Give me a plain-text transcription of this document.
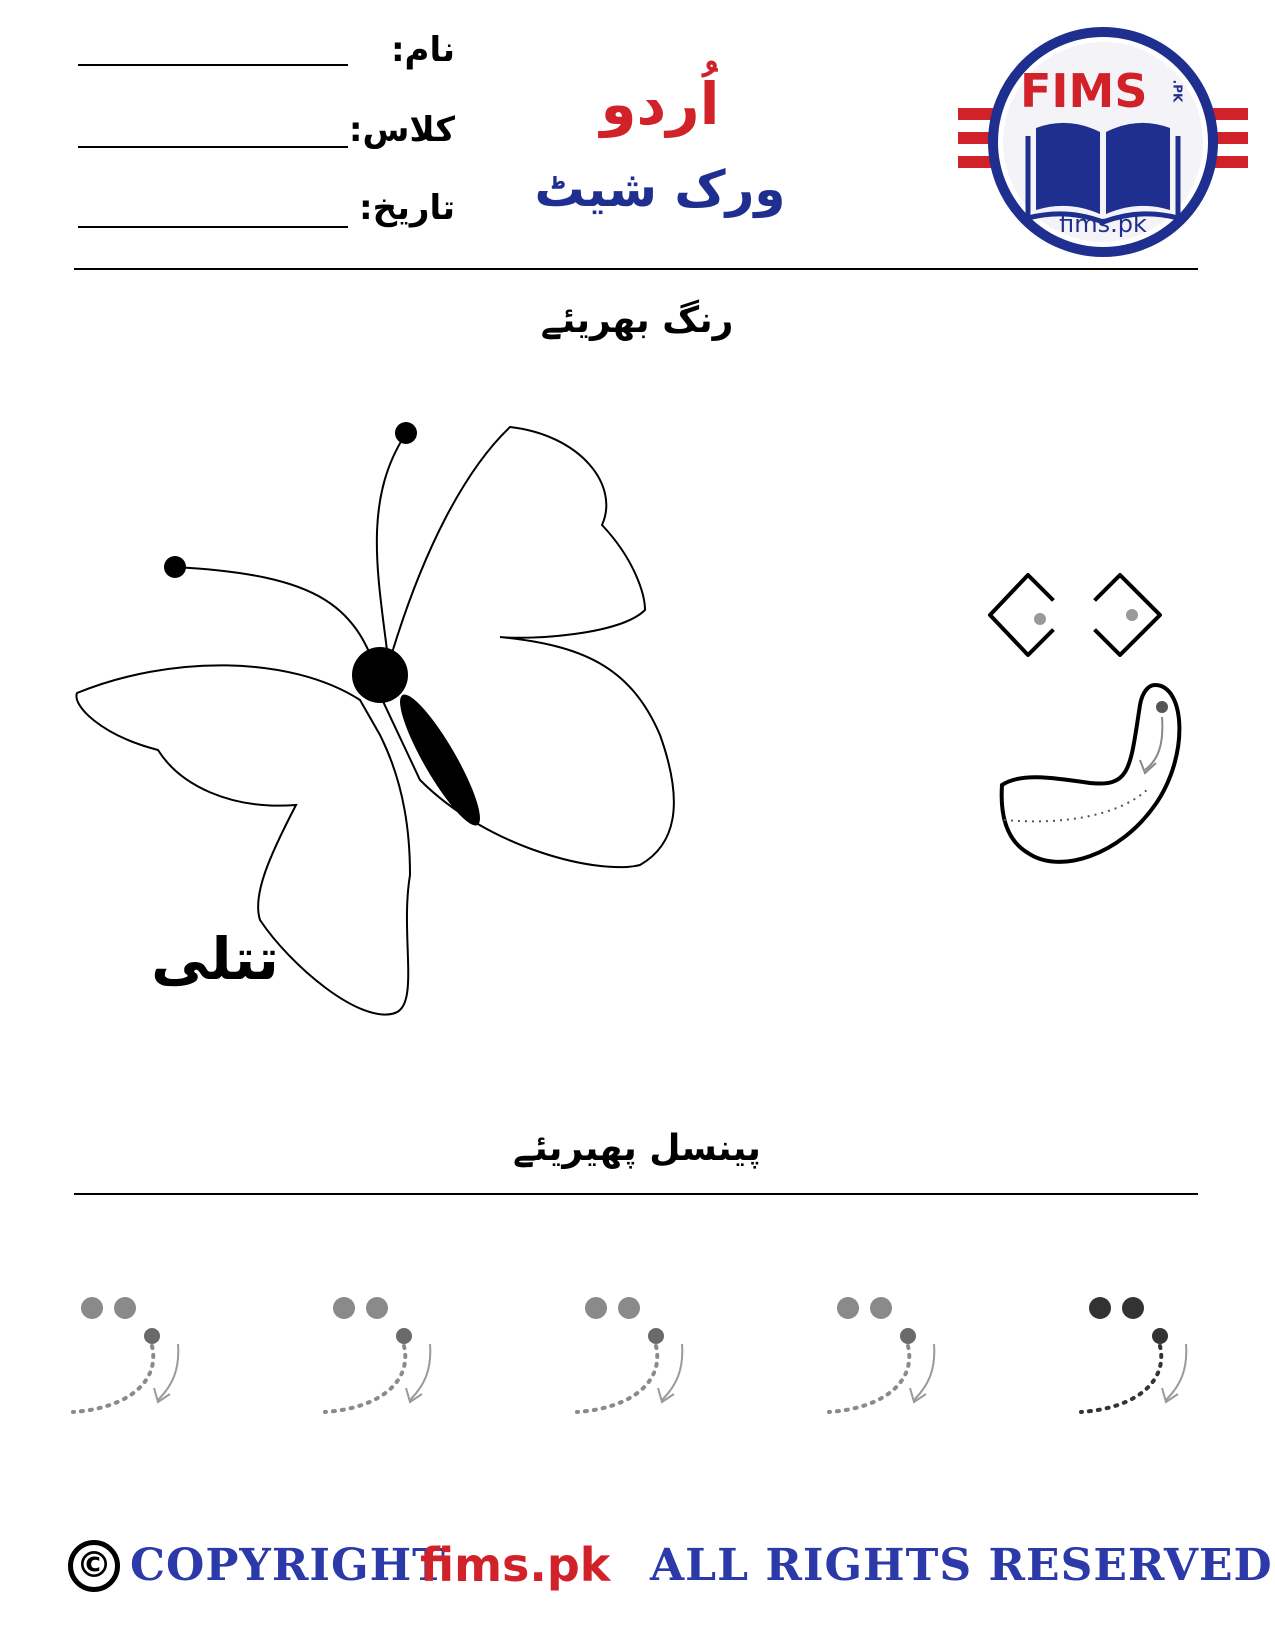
نام:
کلاس:
تاریخ:
اُردو
ورک شیٹ
FIMS .PK
fims.pk
رنگ بھریئے
تتلی
پینسل پھیریئے
© COPYRIGHT
fims.pk ALL RIGHTS RESERVED
